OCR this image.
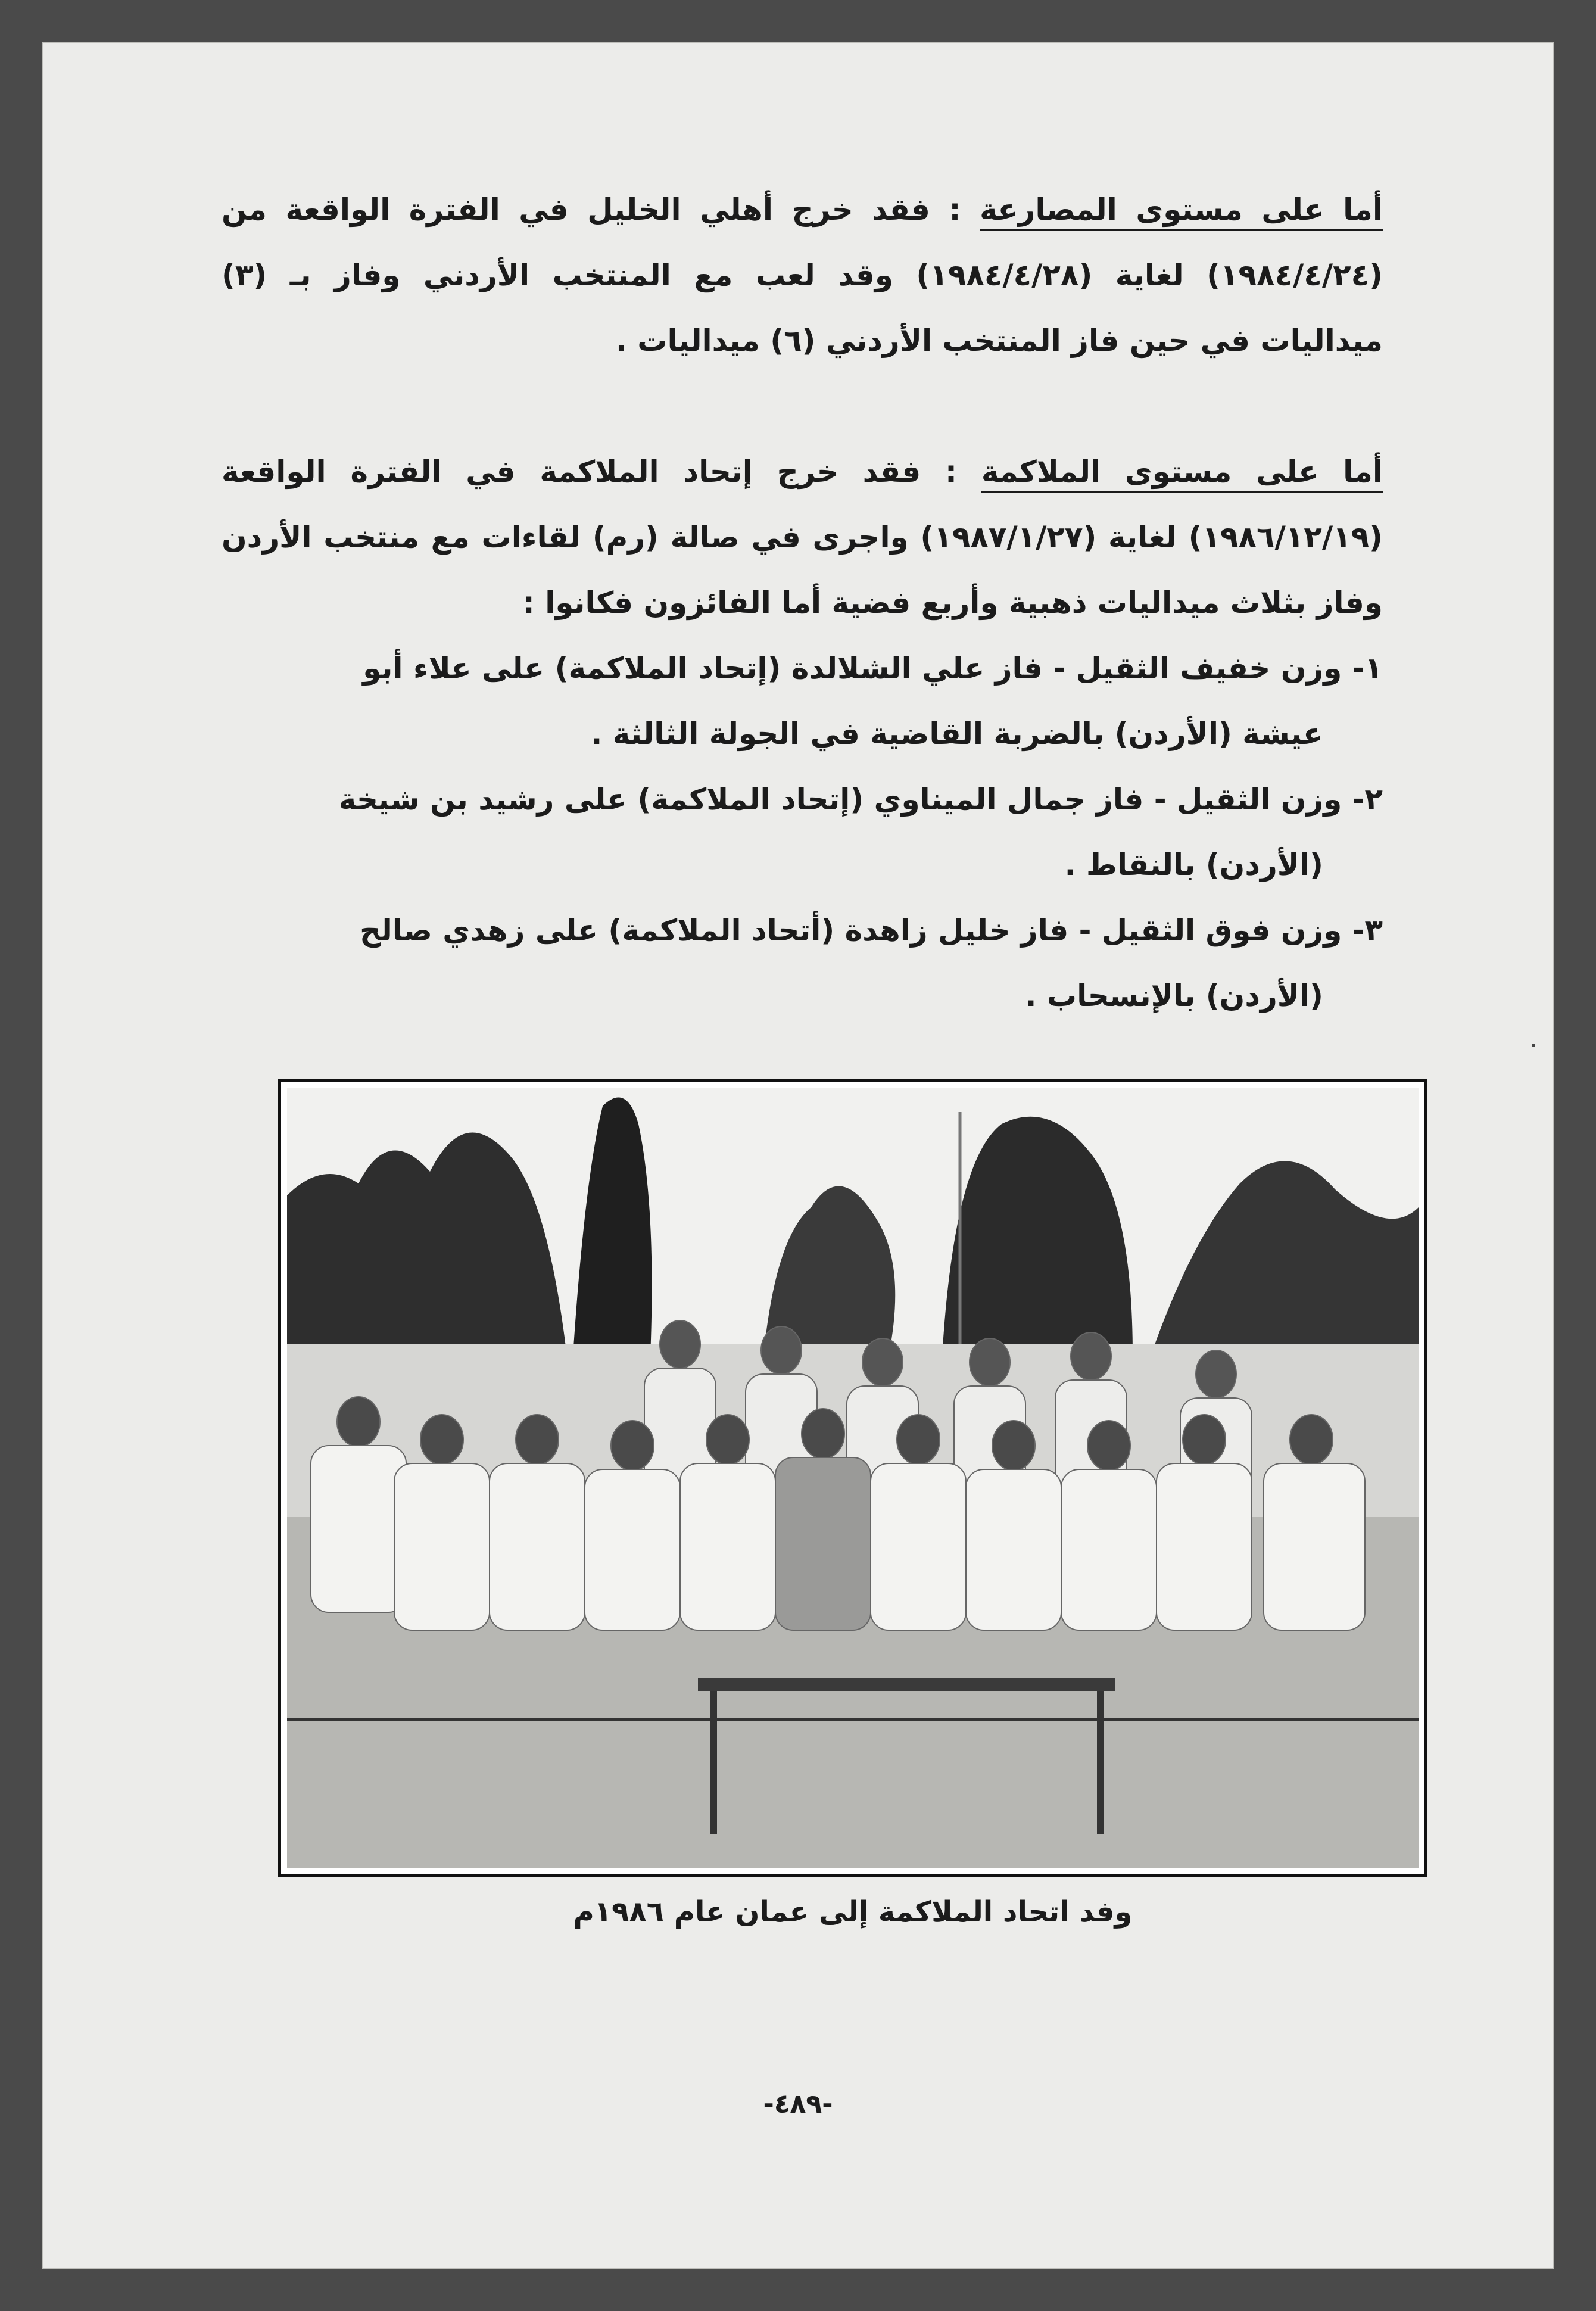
أما على مستوى المصارعة : فقد خرج أهلي الخليل في الفترة الواقعة من (١٩٨٤/٤/٢٤) لغاية (١٩٨٤/٤/٢٨) وقد لعب مع المنتخب الأردني وفاز بـ (٣) ميداليات في حين فاز المنتخب الأردني (٦) ميداليات .

أما على مستوى الملاكمة : فقد خرج إتحاد الملاكمة في الفترة الواقعة (١٩٨٦/١٢/١٩) لغاية (١٩٨٧/١/٢٧) واجرى في صالة (رم) لقاءات مع منتخب الأردن وفاز بثلاث ميداليات ذهبية وأربع فضية أما الفائزون فكانوا :

١- وزن خفيف الثقيل - فاز علي الشلالدة (إتحاد الملاكمة) على علاء أبو
عيشة (الأردن) بالضربة القاضية في الجولة الثالثة .
٢- وزن الثقيل - فاز جمال الميناوي (إتحاد الملاكمة) على رشيد بن شيخة
(الأردن) بالنقاط .
٣- وزن فوق الثقيل - فاز خليل زاهدة (أتحاد الملاكمة) على زهدي صالح
(الأردن) بالإنسحاب .
وفد اتحاد الملاكمة إلى عمان عام ١٩٨٦م
-٤٨٩-
